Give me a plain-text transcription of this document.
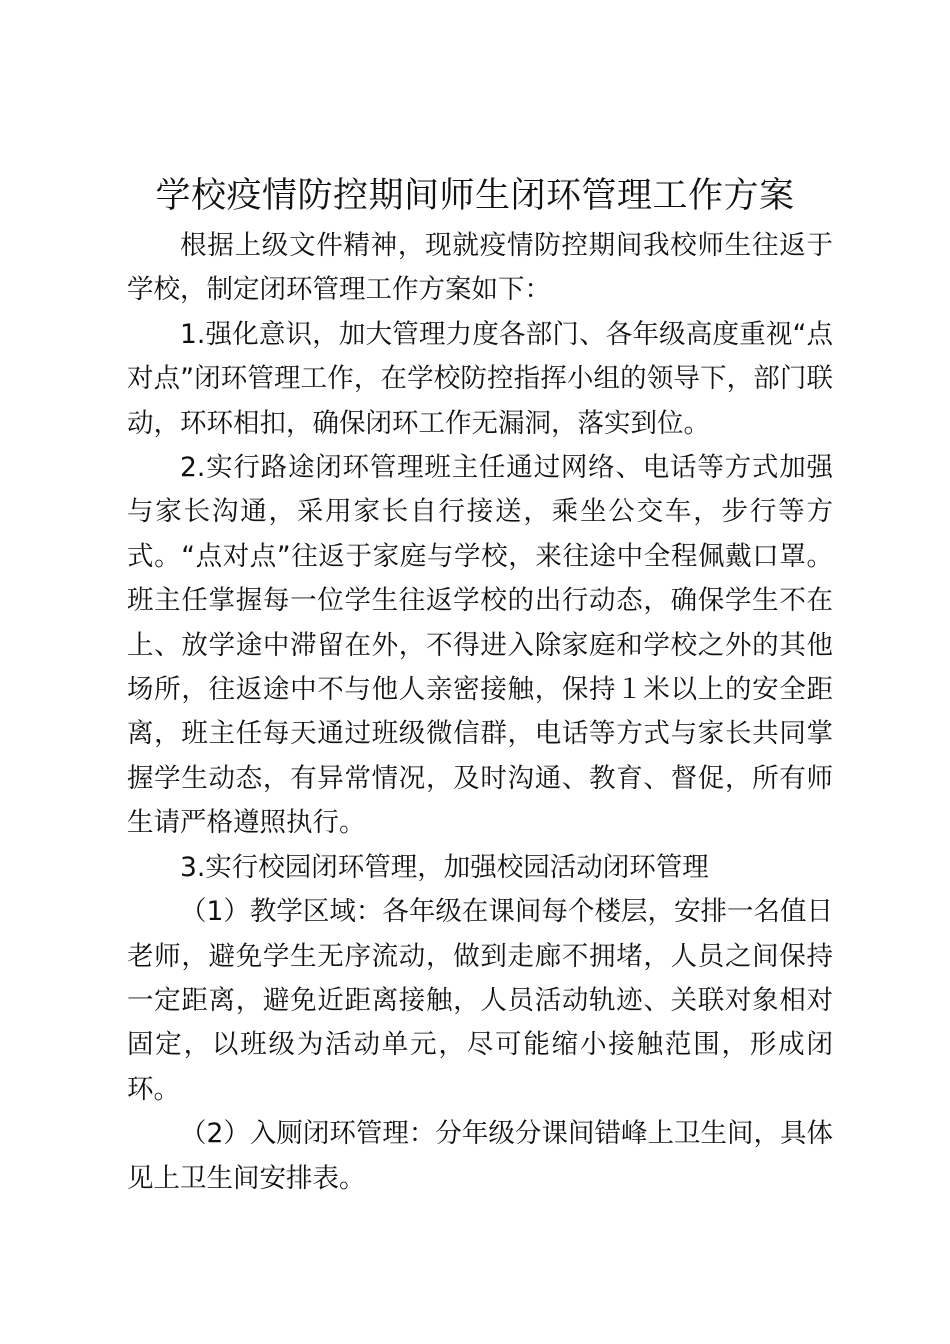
学校疫情防控期间师生闭环管理工作方案

根据上级文件精神，现就疫情防控期间我校师生往返于学校，制定闭环管理工作方案如下：

1.强化意识，加大管理力度各部门、各年级高度重视“点对点”闭环管理工作，在学校防控指挥小组的领导下，部门联动，环环相扣，确保闭环工作无漏洞，落实到位。

2.实行路途闭环管理班主任通过网络、电话等方式加强与家长沟通，采用家长自行接送，乘坐公交车，步行等方式。“点对点”往返于家庭与学校，来往途中全程佩戴口罩。班主任掌握每一位学生往返学校的出行动态，确保学生不在上、放学途中滞留在外，不得进入除家庭和学校之外的其他场所，往返途中不与他人亲密接触，保持１米以上的安全距离，班主任每天通过班级微信群，电话等方式与家长共同掌握学生动态，有异常情况，及时沟通、教育、督促，所有师生请严格遵照执行。

3.实行校园闭环管理，加强校园活动闭环管理

（1）教学区域：各年级在课间每个楼层，安排一名值日老师，避免学生无序流动，做到走廊不拥堵，人员之间保持一定距离，避免近距离接触，人员活动轨迹、关联对象相对固定，以班级为活动单元，尽可能缩小接触范围，形成闭环。

（2）入厕闭环管理：分年级分课间错峰上卫生间，具体见上卫生间安排表。
